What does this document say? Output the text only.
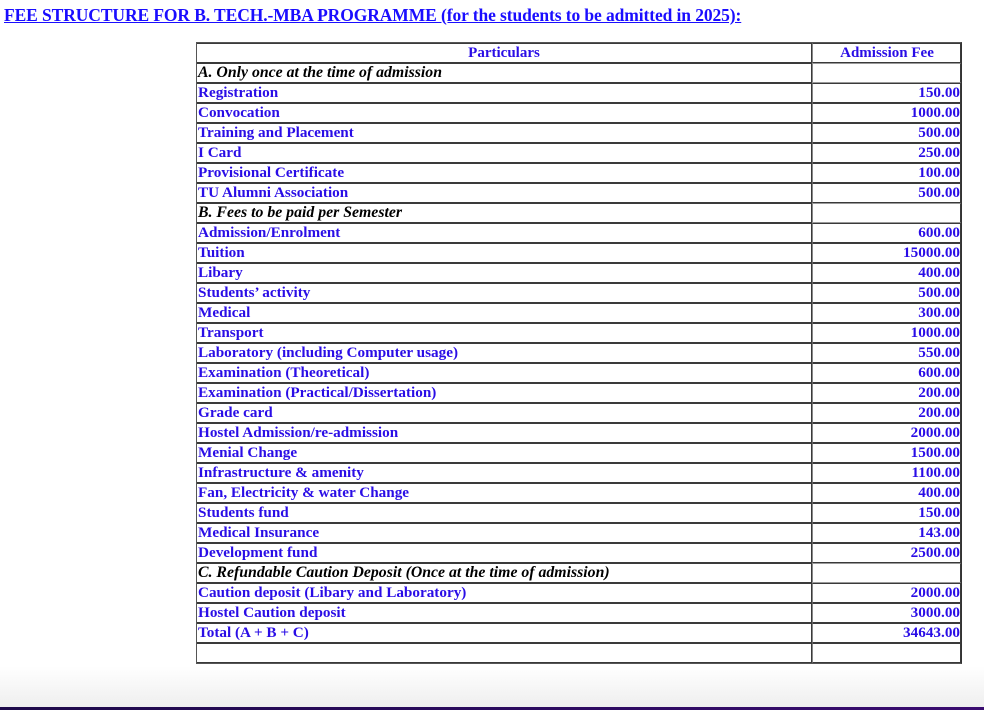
FEE STRUCTURE FOR B. TECH.-MBA PROGRAMME (for the students to be admitted in 2025):
Particulars	Admission Fee
A. Only once at the time of admission	
Registration	150.00
Convocation	1000.00
Training and Placement	500.00
I Card	250.00
Provisional Certificate	100.00
TU Alumni Association	500.00
B. Fees to be paid per Semester	
Admission/Enrolment	600.00
Tuition	15000.00
Libary	400.00
Students’ activity	500.00
Medical	300.00
Transport	1000.00
Laboratory (including Computer usage)	550.00
Examination (Theoretical)	600.00
Examination (Practical/Dissertation)	200.00
Grade card	200.00
Hostel Admission/re-admission	2000.00
Menial Change	1500.00
Infrastructure & amenity	1100.00
Fan, Electricity & water Change	400.00
Students fund	150.00
Medical Insurance	143.00
Development fund	2500.00
C. Refundable Caution Deposit (Once at the time of admission)	
Caution deposit (Libary and Laboratory)	2000.00
Hostel Caution deposit	3000.00
Total (A + B + C)	34643.00
